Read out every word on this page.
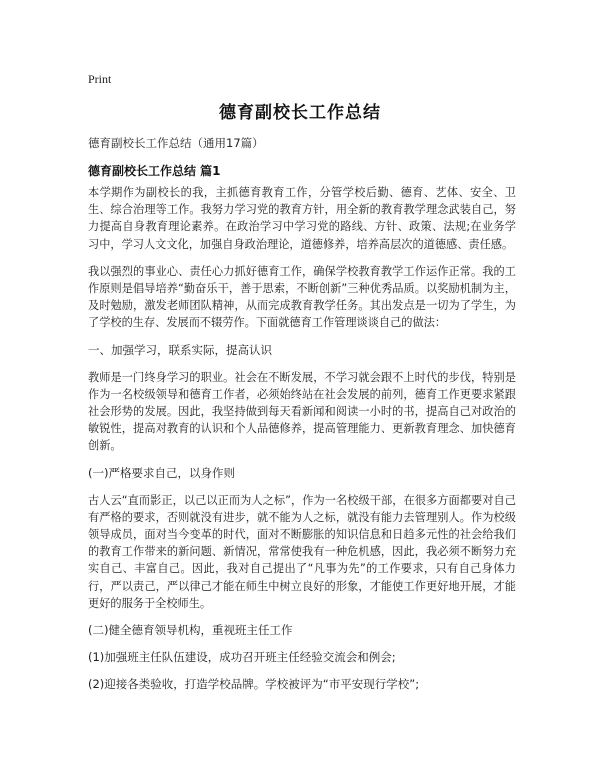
Print
德育副校长工作总结

德育副校长工作总结（通用17篇）

德育副校长工作总结 篇1

本学期作为副校长的我，主抓德育教育工作，分管学校后勤、德育、艺体、安全、卫生、综合治理等工作。我努力学习党的教育方针，用全新的教育教学理念武装自己，努力提高自身教育理论素养。在政治学习中学习党的路线、方针、政策、法规;在业务学习中，学习人文文化，加强自身政治理论，道德修养，培养高层次的道德感、责任感。

我以强烈的事业心、责任心力抓好德育工作，确保学校教育教学工作运作正常。我的工作原则是倡导培养“勤奋乐干，善于思索，不断创新”三种优秀品质。以奖励机制为主，及时勉励，激发老师团队精神，从而完成教育教学任务。其出发点是一切为了学生，为了学校的生存、发展而不辍劳作。下面就德育工作管理谈谈自己的做法：

一、加强学习，联系实际，提高认识

教师是一门终身学习的职业。社会在不断发展，不学习就会跟不上时代的步伐，特别是作为一名校级领导和德育工作者，必须始终站在社会发展的前列，德育工作更要求紧跟社会形势的发展。因此，我坚持做到每天看新闻和阅读一小时的书，提高自己对政治的敏锐性，提高对教育的认识和个人品德修养，提高管理能力、更新教育理念、加快德育创新。

(一)严格要求自己，以身作则

古人云“直而影正，以己以正而为人之标”，作为一名校级干部，在很多方面都要对自己有严格的要求，否则就没有进步，就不能为人之标，就没有能力去管理别人。作为校级领导成员，面对当今变革的时代，面对不断膨胀的知识信息和日趋多元性的社会给我们的教育工作带来的新问题、新情况，常常使我有一种危机感，因此，我必须不断努力充实自己、丰富自己。因此，我对自己提出了“凡事为先”的工作要求，只有自己身体力行，严以责己，严以律己才能在师生中树立良好的形象，才能使工作更好地开展，才能更好的服务于全校师生。

(二)健全德育领导机构，重视班主任工作

(1)加强班主任队伍建设，成功召开班主任经验交流会和例会;

(2)迎接各类验收，打造学校品牌。学校被评为“市平安现行学校”;
